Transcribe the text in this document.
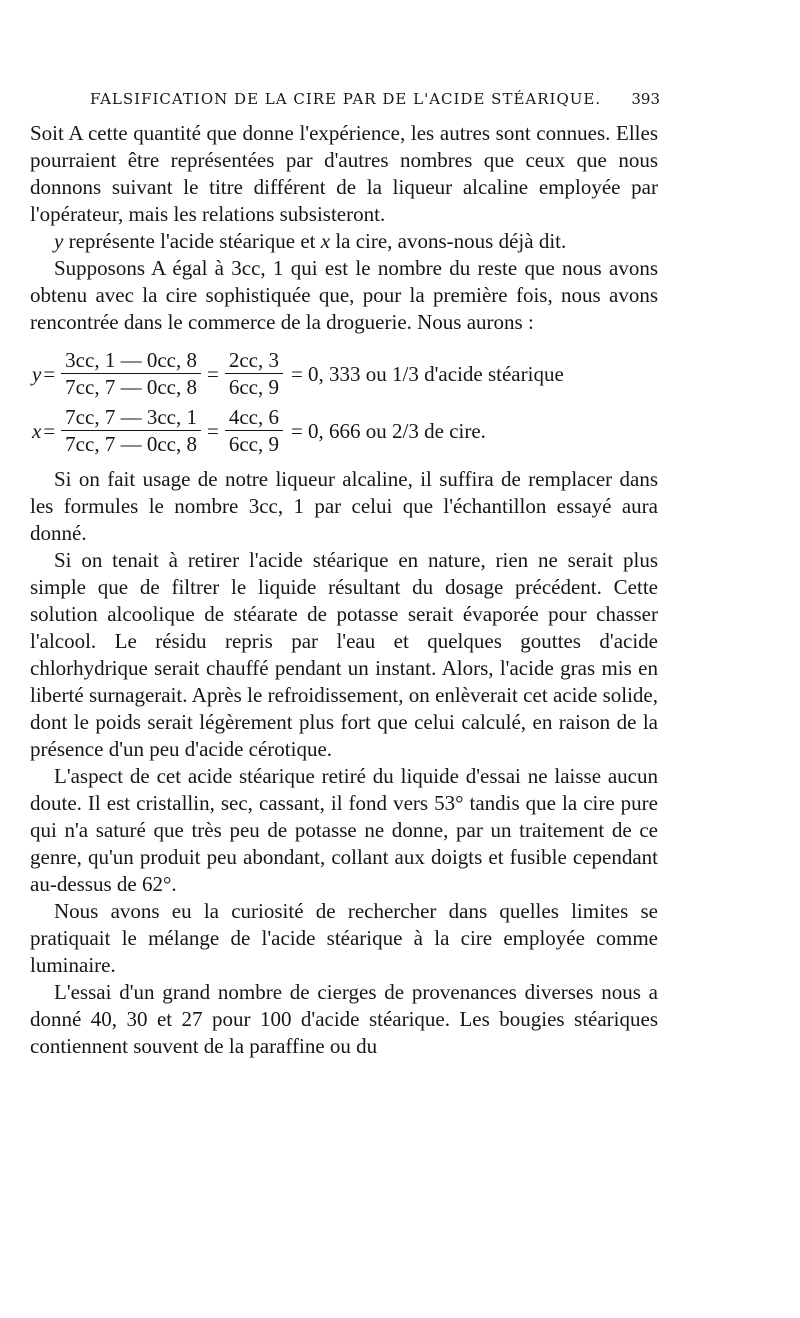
FALSIFICATION DE LA CIRE PAR DE L'ACIDE STÉARIQUE. 393

Soit A cette quantité que donne l'expérience, les autres sont connues. Elles pourraient être représentées par d'autres nombres que ceux que nous donnons suivant le titre différent de la liqueur alcaline employée par l'opérateur, mais les relations subsisteront.

y représente l'acide stéarique et x la cire, avons-nous déjà dit.

Supposons A égal à 3cc, 1 qui est le nombre du reste que nous avons obtenu avec la cire sophistiquée que, pour la première fois, nous avons rencontrée dans le commerce de la droguerie. Nous aurons :

$y = \frac{3cc, 1 — 0cc, 8}{7cc, 7 — 0cc, 8} = \frac{2cc, 3}{6cc, 9} = 0$, 333 ou 1/3 d'acide stéarique
$x = \frac{7cc, 7 — 3cc, 1}{7cc, 7 — 0cc, 8} = \frac{4cc, 6}{6cc, 9} = 0$, 666 ou 2/3 de cire.

Si on fait usage de notre liqueur alcaline, il suffira de remplacer dans les formules le nombre 3cc, 1 par celui que l'échantillon essayé aura donné.

Si on tenait à retirer l'acide stéarique en nature, rien ne serait plus simple que de filtrer le liquide résultant du dosage précédent. Cette solution alcoolique de stéarate de potasse serait évaporée pour chasser l'alcool. Le résidu repris par l'eau et quelques gouttes d'acide chlorhydrique serait chauffé pendant un instant. Alors, l'acide gras mis en liberté surnagerait. Après le refroidissement, on enlèverait cet acide solide, dont le poids serait légèrement plus fort que celui calculé, en raison de la présence d'un peu d'acide cérotique.

L'aspect de cet acide stéarique retiré du liquide d'essai ne laisse aucun doute. Il est cristallin, sec, cassant, il fond vers 53° tandis que la cire pure qui n'a saturé que très peu de potasse ne donne, par un traitement de ce genre, qu'un produit peu abondant, collant aux doigts et fusible cependant au-dessus de 62°.

Nous avons eu la curiosité de rechercher dans quelles limites se pratiquait le mélange de l'acide stéarique à la cire employée comme luminaire.

L'essai d'un grand nombre de cierges de provenances diverses nous a donné 40, 30 et 27 pour 100 d'acide stéarique. Les bougies stéariques contiennent souvent de la paraffine ou du
